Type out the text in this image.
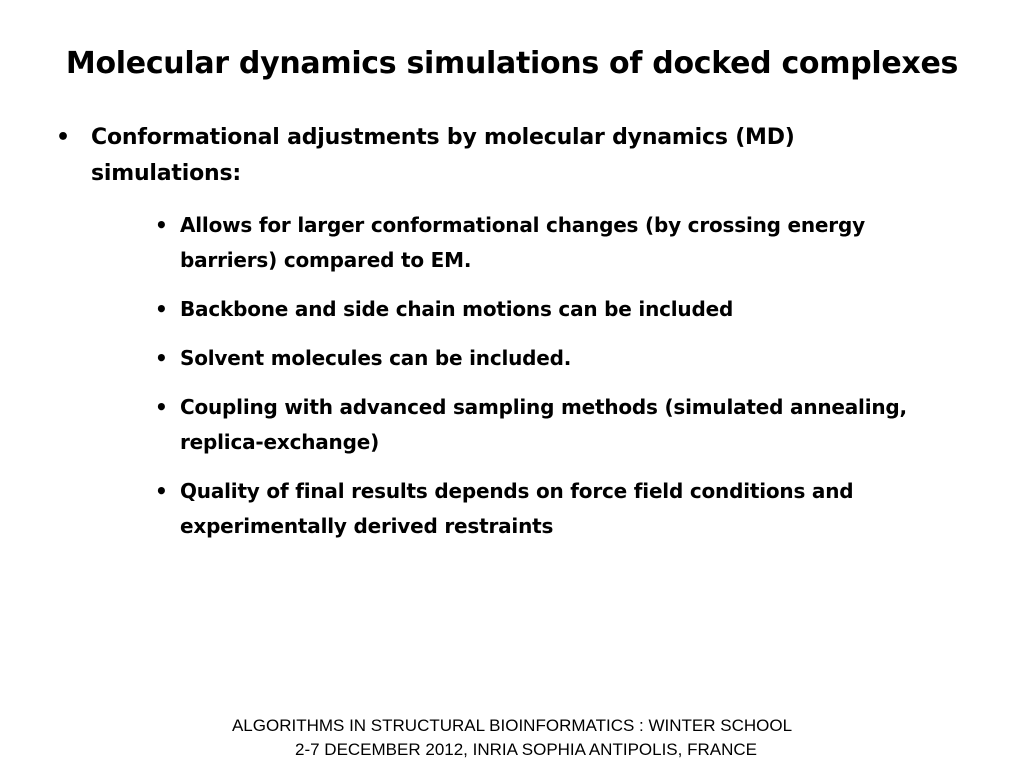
Molecular dynamics simulations of docked complexes
• Conformational adjustments by molecular dynamics (MD) simulations:
• Allows for larger conformational changes (by crossing energy barriers) compared to EM.
• Backbone and side chain motions can be included
• Solvent molecules can be included.
• Coupling with advanced sampling methods (simulated annealing, replica-exchange)
• Quality of final results depends on force field conditions and experimentally derived restraints
ALGORITHMS IN STRUCTURAL BIOINFORMATICS : WINTER SCHOOL
2-7 DECEMBER 2012, INRIA SOPHIA ANTIPOLIS, FRANCE
